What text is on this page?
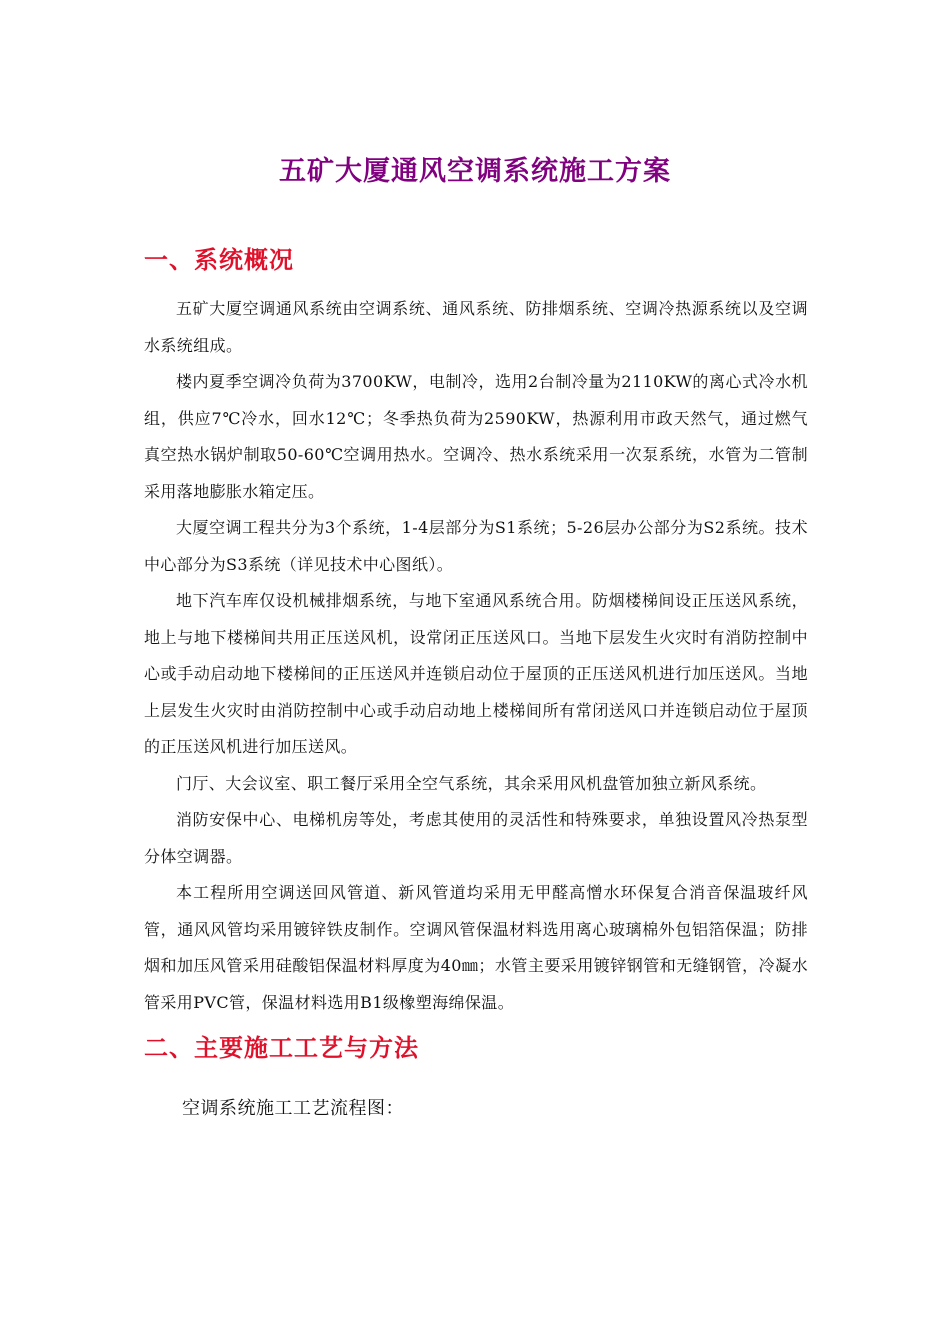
五矿大厦通风空调系统施工方案
一、系统概况

五矿大厦空调通风系统由空调系统、通风系统、防排烟系统、空调冷热源系统以及空调水系统组成。

楼内夏季空调冷负荷为3700KW，电制冷，选用2台制冷量为2110KW的离心式冷水机组，供应7℃冷水，回水12℃；冬季热负荷为2590KW，热源利用市政天然气，通过燃气真空热水锅炉制取50-60℃空调用热水。空调冷、热水系统采用一次泵系统，水管为二管制采用落地膨胀水箱定压。

大厦空调工程共分为3个系统，1-4层部分为S1系统；5-26层办公部分为S2系统。技术中心部分为S3系统（详见技术中心图纸）。

地下汽车库仅设机械排烟系统，与地下室通风系统合用。防烟楼梯间设正压送风系统，地上与地下楼梯间共用正压送风机，设常闭正压送风口。当地下层发生火灾时有消防控制中心或手动启动地下楼梯间的正压送风并连锁启动位于屋顶的正压送风机进行加压送风。当地上层发生火灾时由消防控制中心或手动启动地上楼梯间所有常闭送风口并连锁启动位于屋顶的正压送风机进行加压送风。

门厅、大会议室、职工餐厅采用全空气系统，其余采用风机盘管加独立新风系统。

消防安保中心、电梯机房等处，考虑其使用的灵活性和特殊要求，单独设置风冷热泵型分体空调器。

本工程所用空调送回风管道、新风管道均采用无甲醛高憎水环保复合消音保温玻纤风管，通风风管均采用镀锌铁皮制作。空调风管保温材料选用离心玻璃棉外包铝箔保温；防排烟和加压风管采用硅酸铝保温材料厚度为40㎜；水管主要采用镀锌钢管和无缝钢管，冷凝水管采用PVC管，保温材料选用B1级橡塑海绵保温。

二、主要施工工艺与方法
空调系统施工工艺流程图：
